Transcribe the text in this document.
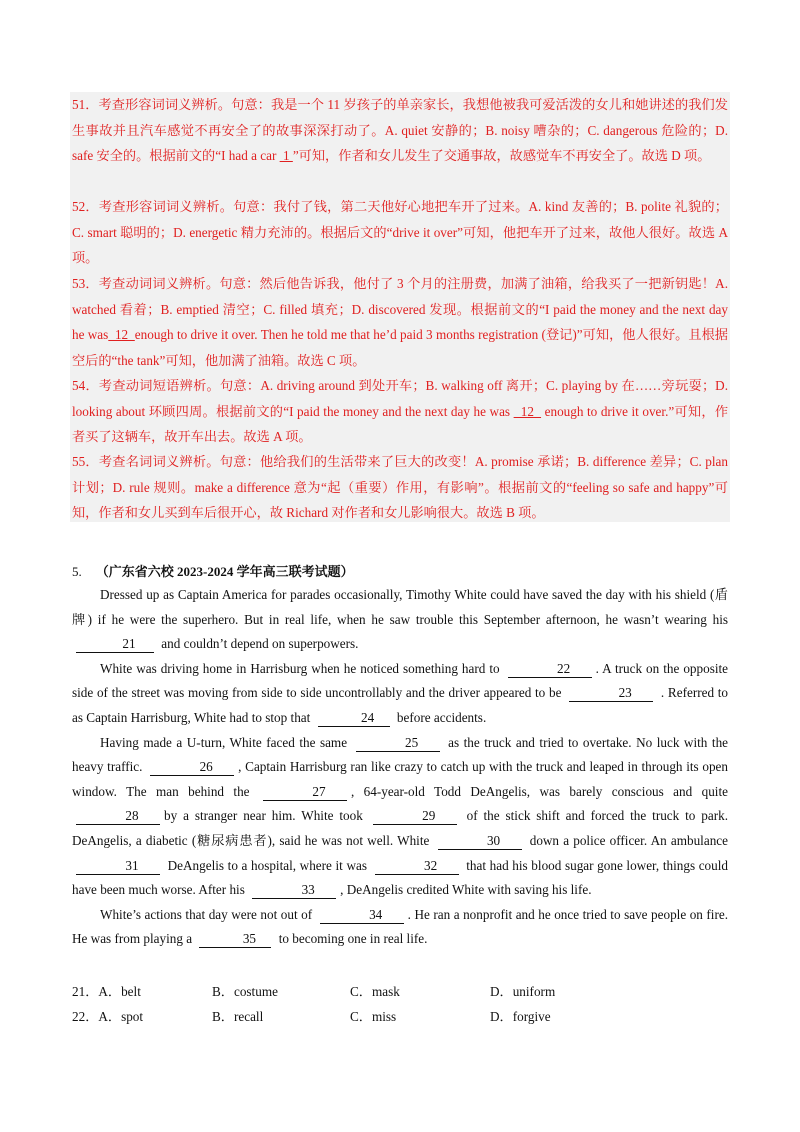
51．考查形容词词义辨析。句意：我是一个 11 岁孩子的单亲家长，我想他被我可爱活泼的女儿和她讲述的我们发生事故并且汽车感觉不再安全了的故事深深打动了。A. quiet 安静的；B. noisy 嘈杂的；C. dangerous 危险的；D. safe 安全的。根据前文的“I had a car  1 ”可知，作者和女儿发生了交通事故，故感觉车不再安全了。故选 D 项。

52．考查形容词词义辨析。句意：我付了钱，第二天他好心地把车开了过来。A. kind 友善的；B. polite 礼貌的；C. smart 聪明的；D. energetic 精力充沛的。根据后文的“drive it over”可知，他把车开了过来，故他人很好。故选 A 项。

53．考查动词词义辨析。句意：然后他告诉我，他付了 3 个月的注册费，加满了油箱，给我买了一把新钥匙！A. watched 看着；B. emptied 清空；C. filled 填充；D. discovered 发现。根据前文的“I paid the money and the next day he was  12  enough to drive it over. Then he told me that he’d paid 3 months registration (登记)”可知，他人很好。且根据空后的“the tank”可知，他加满了油箱。故选 C 项。

54．考查动词短语辨析。句意：A. driving around 到处开车；B. walking off 离开；C. playing by 在……旁玩耍；D. looking about 环顾四周。根据前文的“I paid the money and the next day he was   12   enough to drive it over.”可知，作者买了这辆车，故开车出去。故选 A 项。

55．考查名词词义辨析。句意：他给我们的生活带来了巨大的改变！A. promise 承诺；B. difference 差异；C. plan 计划；D. rule 规则。make a difference 意为“起（重要）作用，有影响”。根据前文的“feeling so safe and happy”可知，作者和女儿买到车后很开心，故 Richard 对作者和女儿影响很大。故选 B 项。

5. （广东省六校 2023-2024 学年高三联考试题）

Dressed up as Captain America for parades occasionally, Timothy White could have saved the day with his shield (盾牌) if he were the superhero. But in real life, when he saw trouble this September afternoon, he wasn’t wearing his 21 and couldn’t depend on superpowers.

White was driving home in Harrisburg when he noticed something hard to	22 . A truck on the opposite side of the street was moving from side to side uncontrollably and the driver appeared to be	23 . Referred to as Captain Harrisburg, White had to stop that	24 before accidents.

Having made a U-turn, White faced the same	25 as the truck and tried to overtake. No luck with the heavy traffic.	26 , Captain Harrisburg ran like crazy to catch up with the truck and leaped in through its open window. The man behind the	27 , 64-year-old Todd DeAngelis, was barely conscious and quite 28 by a stranger near him. White took	29 of the stick shift and forced the truck to park. DeAngelis, a diabetic (糖尿病患者), said he was not well. White	30 down a police officer. An ambulance 31 DeAngelis to a hospital, where it was	32 that had his blood sugar gone lower, things could have been much worse. After his	33 , DeAngelis credited White with saving his life.

White’s actions that day were not out of	34 . He ran a nonprofit and he once tried to save people on fire. He was from playing a	35 to becoming one in real life.

21．A．belt	B．costume	C．mask	D．uniform
22．A．spot	B．recall	C．miss	D．forgive
